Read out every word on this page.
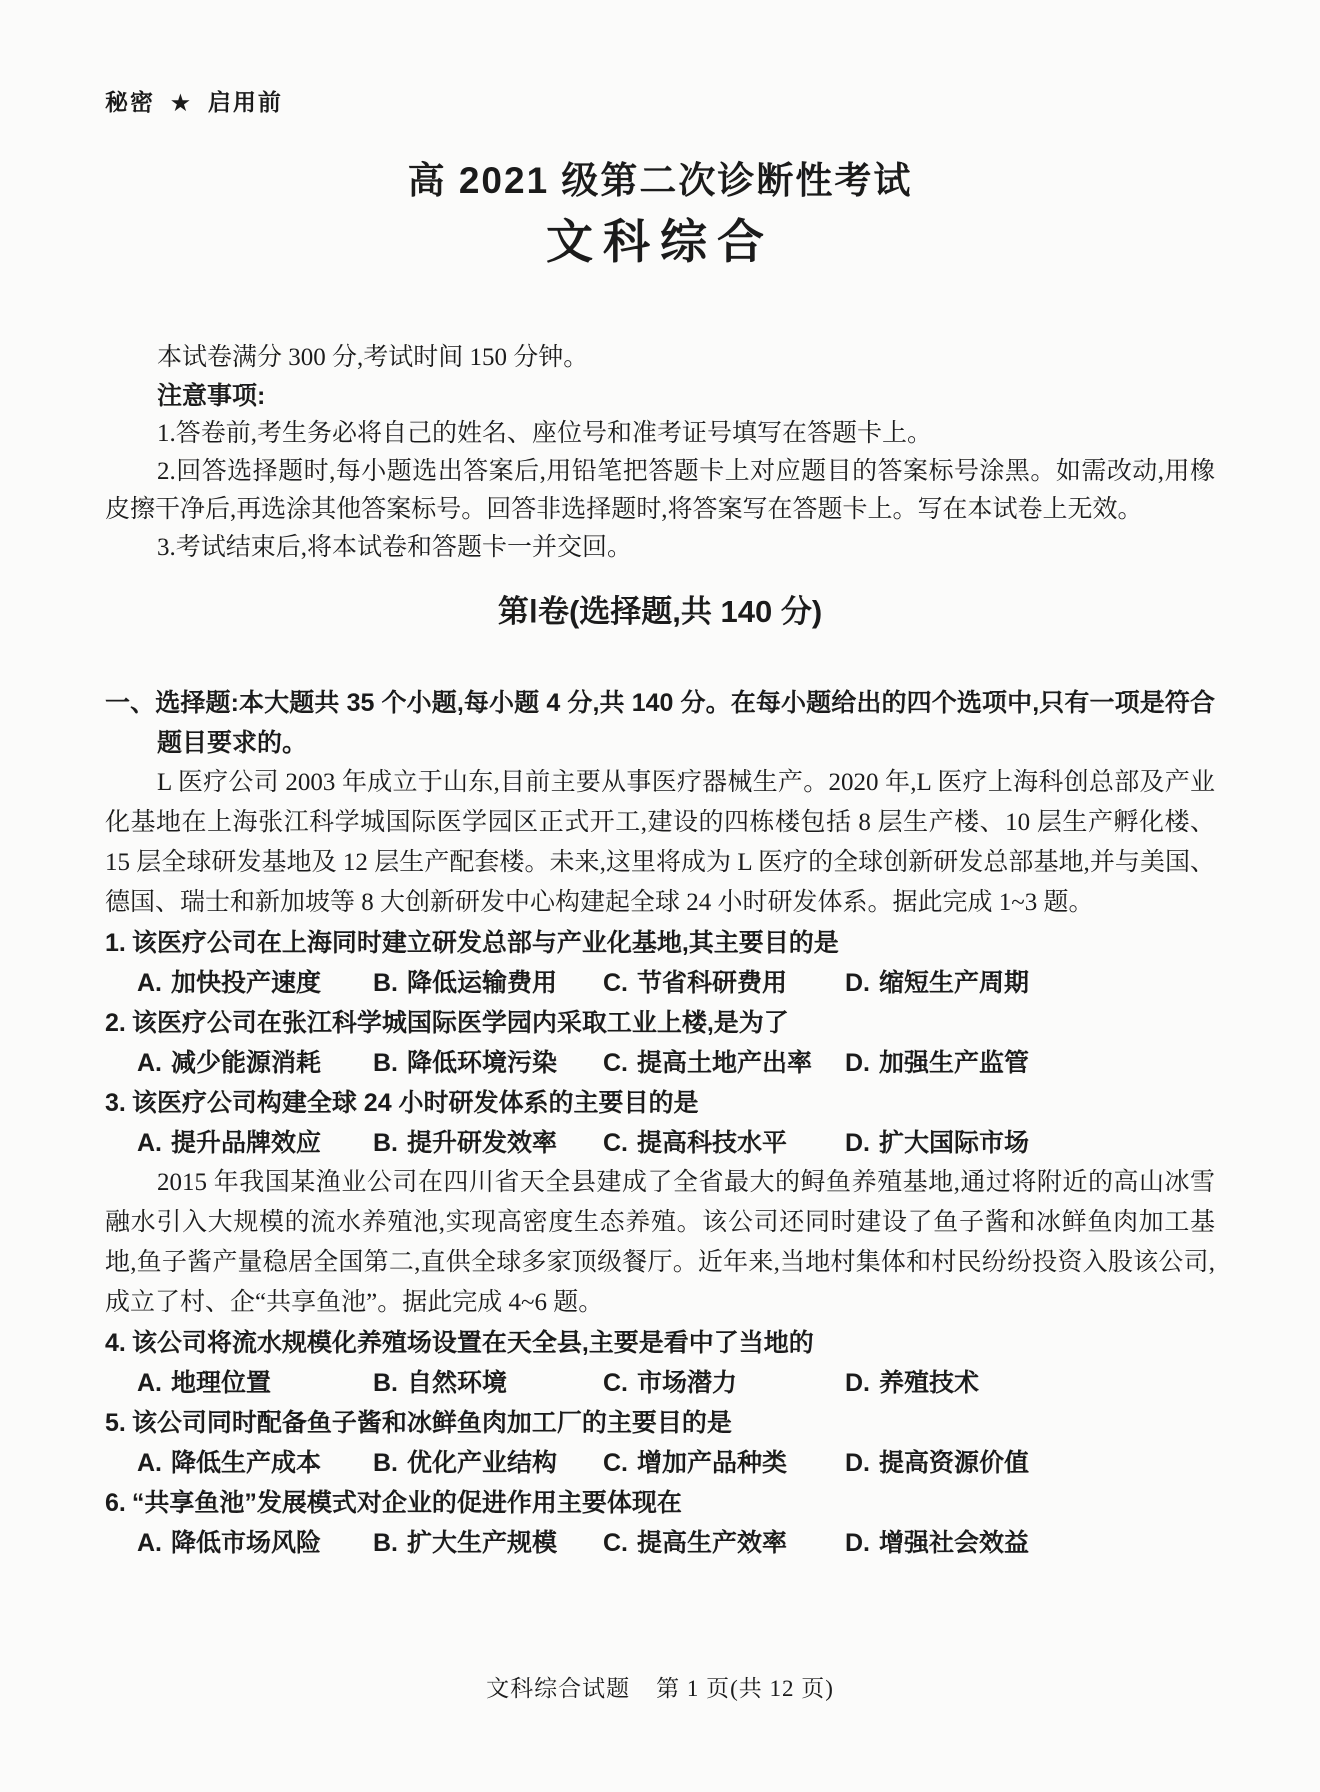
秘密 ★ 启用前
高 2021 级第二次诊断性考试
文科综合

本试卷满分 300 分,考试时间 150 分钟。

注意事项:

1.答卷前,考生务必将自己的姓名、座位号和准考证号填写在答题卡上。

2.回答选择题时,每小题选出答案后,用铅笔把答题卡上对应题目的答案标号涂黑。如需改动,用橡皮擦干净后,再选涂其他答案标号。回答非选择题时,将答案写在答题卡上。写在本试卷上无效。

3.考试结束后,将本试卷和答题卡一并交回。

第Ⅰ卷(选择题,共 140 分)

一、选择题:本大题共 35 个小题,每小题 4 分,共 140 分。在每小题给出的四个选项中,只有一项是符合题目要求的。

L 医疗公司 2003 年成立于山东,目前主要从事医疗器械生产。2020 年,L 医疗上海科创总部及产业化基地在上海张江科学城国际医学园区正式开工,建设的四栋楼包括 8 层生产楼、10 层生产孵化楼、15 层全球研发基地及 12 层生产配套楼。未来,这里将成为 L 医疗的全球创新研发总部基地,并与美国、德国、瑞士和新加坡等 8 大创新研发中心构建起全球 24 小时研发体系。据此完成 1~3 题。

1. 该医疗公司在上海同时建立研发总部与产业化基地,其主要目的是

A. 加快投产速度	B. 降低运输费用	C. 节省科研费用	D. 缩短生产周期

2. 该医疗公司在张江科学城国际医学园内采取工业上楼,是为了

A. 减少能源消耗	B. 降低环境污染	C. 提高土地产出率	D. 加强生产监管

3. 该医疗公司构建全球 24 小时研发体系的主要目的是

A. 提升品牌效应	B. 提升研发效率	C. 提高科技水平	D. 扩大国际市场

2015 年我国某渔业公司在四川省天全县建成了全省最大的鲟鱼养殖基地,通过将附近的高山冰雪融水引入大规模的流水养殖池,实现高密度生态养殖。该公司还同时建设了鱼子酱和冰鲜鱼肉加工基地,鱼子酱产量稳居全国第二,直供全球多家顶级餐厅。近年来,当地村集体和村民纷纷投资入股该公司,成立了村、企“共享鱼池”。据此完成 4~6 题。

4. 该公司将流水规模化养殖场设置在天全县,主要是看中了当地的

A. 地理位置	B. 自然环境	C. 市场潜力	D. 养殖技术

5. 该公司同时配备鱼子酱和冰鲜鱼肉加工厂的主要目的是

A. 降低生产成本	B. 优化产业结构	C. 增加产品种类	D. 提高资源价值

6. “共享鱼池”发展模式对企业的促进作用主要体现在

A. 降低市场风险	B. 扩大生产规模	C. 提高生产效率	D. 增强社会效益
文科综合试题 第 1 页(共 12 页)
